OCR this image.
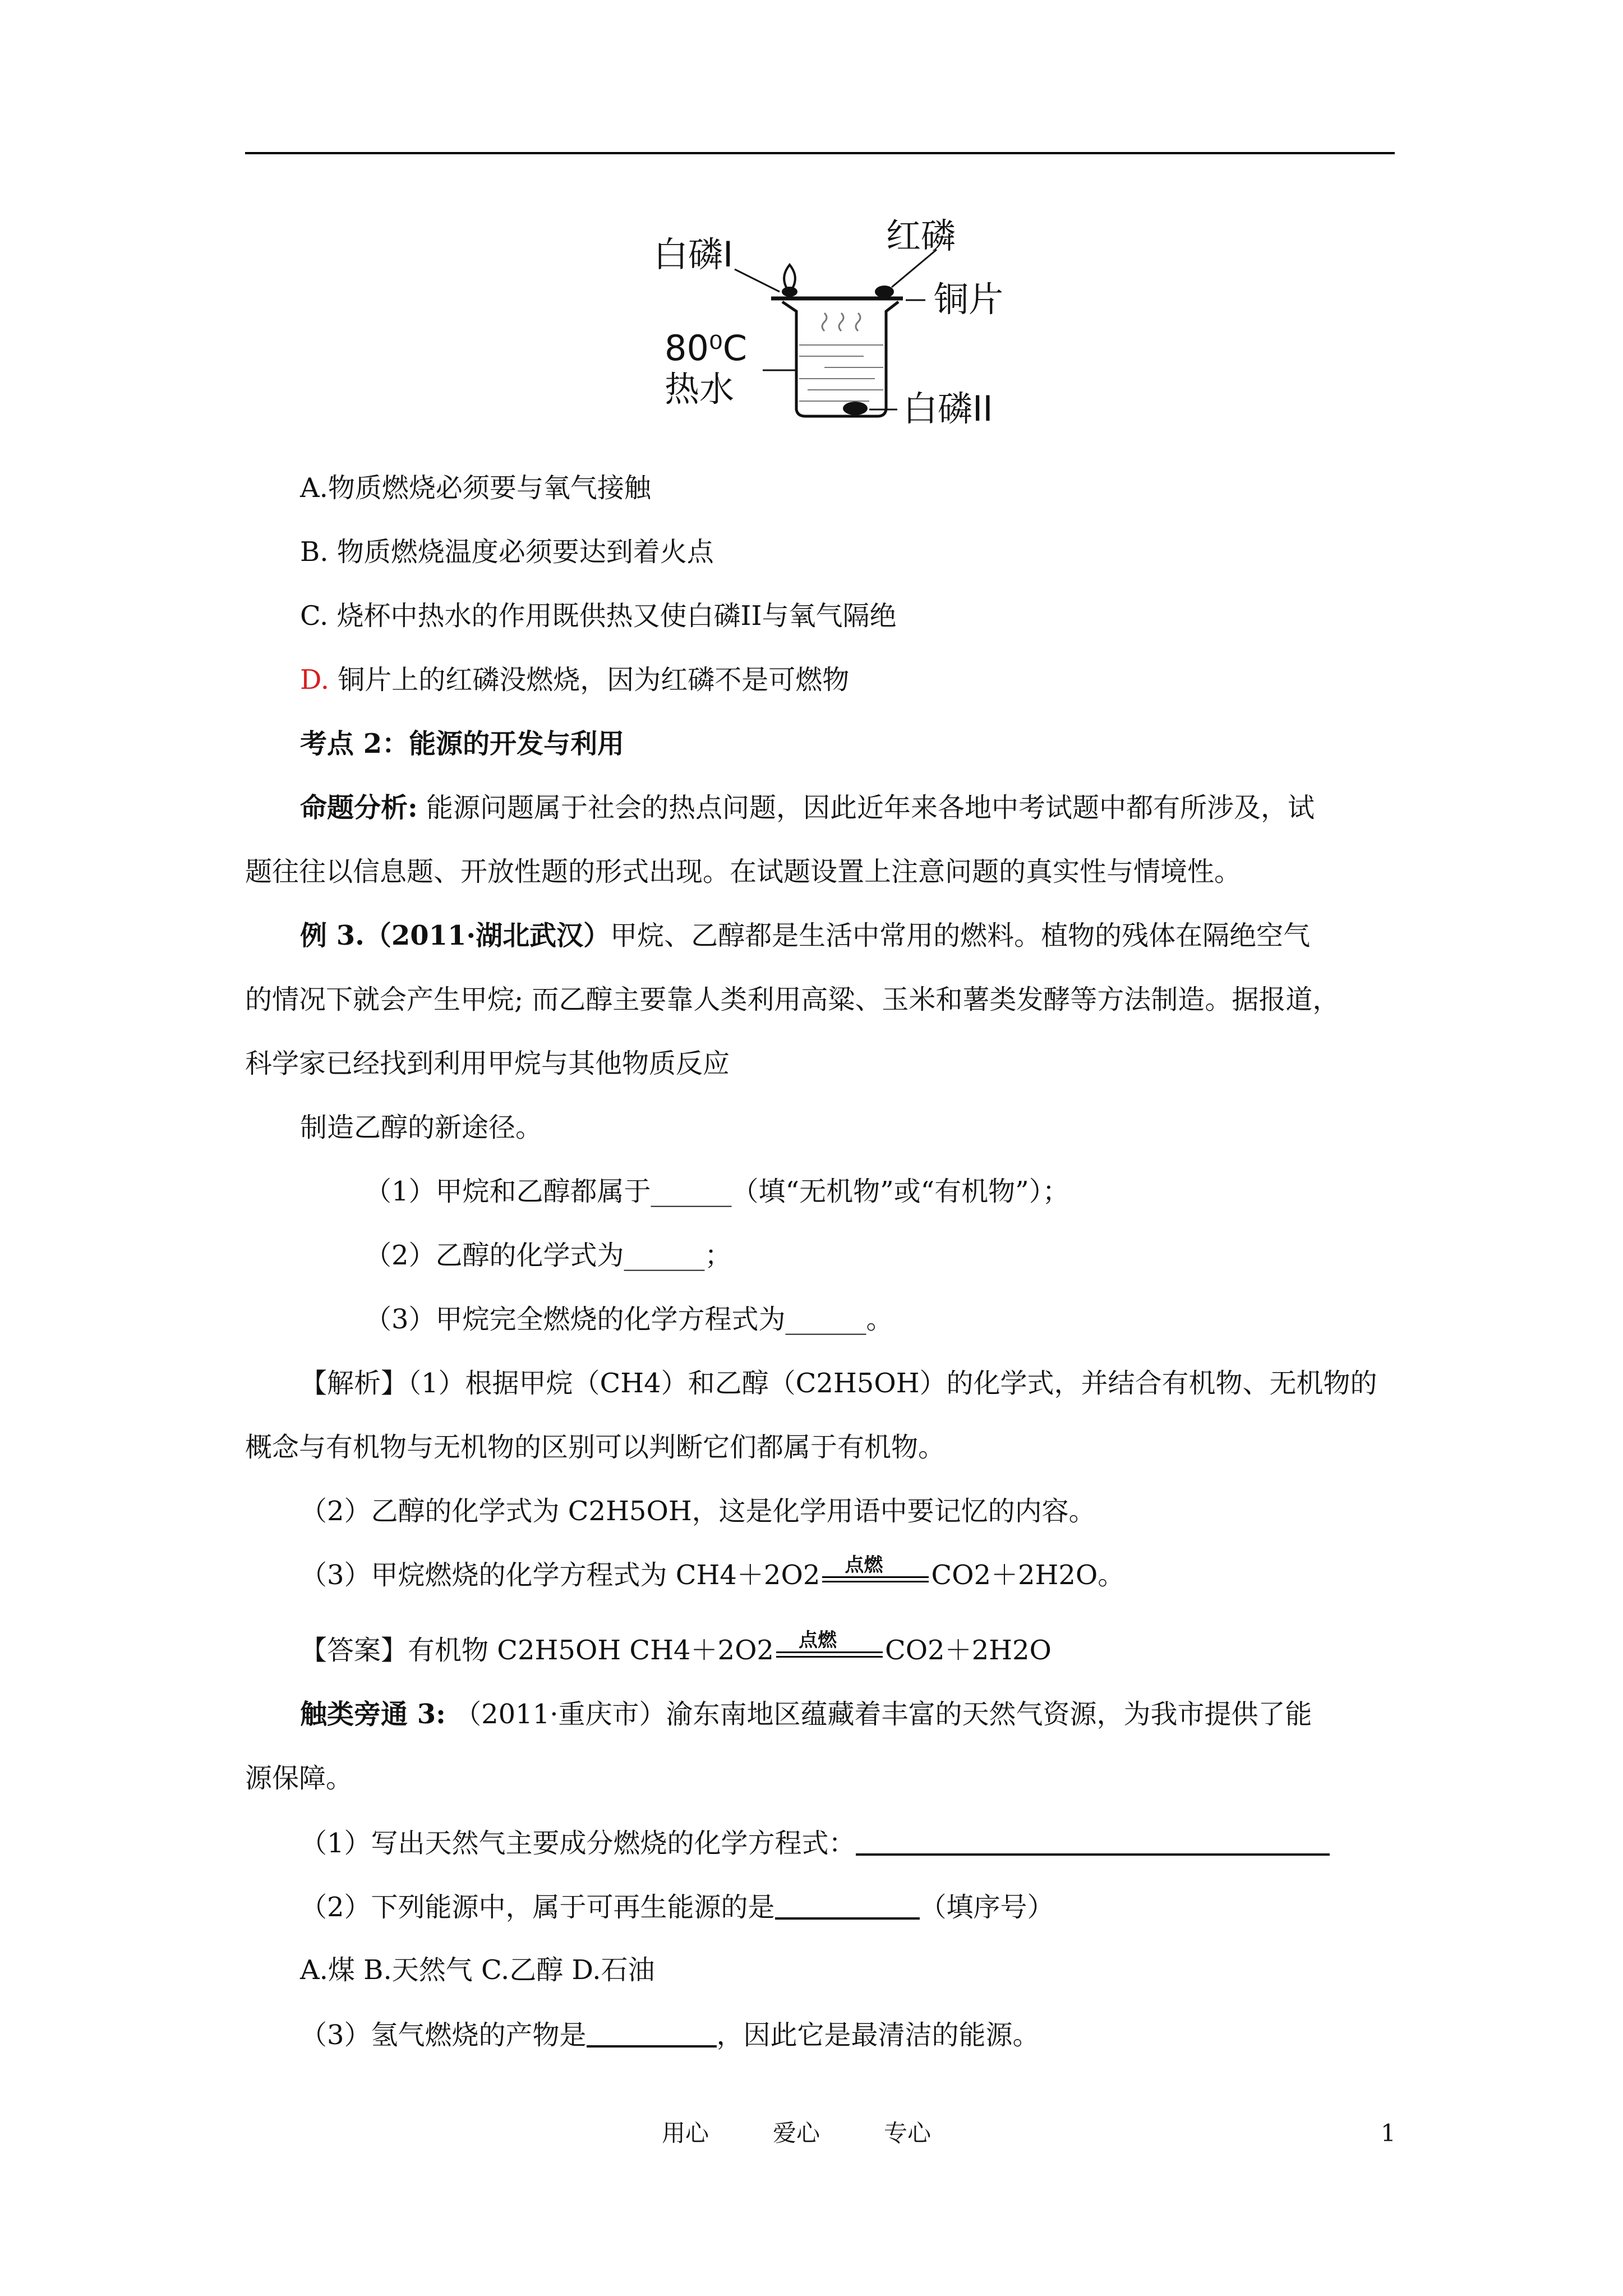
白磷I	红磷
铜片
80⁰C
热水	白磷II
A.物质燃烧必须要与氧气接触
B. 物质燃烧温度必须要达到着火点
C. 烧杯中热水的作用既供热又使白磷II与氧气隔绝
D. 铜片上的红磷没燃烧，因为红磷不是可燃物
考点 2：能源的开发与利用
命题分析: 能源问题属于社会的热点问题，因此近年来各地中考试题中都有所涉及，试
题往往以信息题、开放性题的形式出现。在试题设置上注意问题的真实性与情境性。
例 3.（2011·湖北武汉）甲烷、乙醇都是生活中常用的燃料。植物的残体在隔绝空气
的情况下就会产生甲烷; 而乙醇主要靠人类利用高粱、玉米和薯类发酵等方法制造。据报道，
科学家已经找到利用甲烷与其他物质反应
制造乙醇的新途径。
（1）甲烷和乙醇都属于______（填“无机物”或“有机物”）；
（2）乙醇的化学式为______；
（3）甲烷完全燃烧的化学方程式为______。
【解析】（1）根据甲烷（CH4）和乙醇（C2H5OH）的化学式，并结合有机物、无机物的
概念与有机物与无机物的区别可以判断它们都属于有机物。
（2）乙醇的化学式为 C2H5OH，这是化学用语中要记忆的内容。
（3）甲烷燃烧的化学方程式为 CH4＋2O2 点燃 CO2＋2H2O。
【答案】有机物 C2H5OH CH4＋2O2 点燃 CO2＋2H2O
触类旁通 3: （2011·重庆市）渝东南地区蕴藏着丰富的天然气资源，为我市提供了能
源保障。
（1）写出天然气主要成分燃烧的化学方程式：
（2）下列能源中，属于可再生能源的是	（填序号）
A.煤 B.天然气 C.乙醇 D.石油
（3）氢气燃烧的产物是	，因此它是最清洁的能源。
用心	爱心	专心	1
